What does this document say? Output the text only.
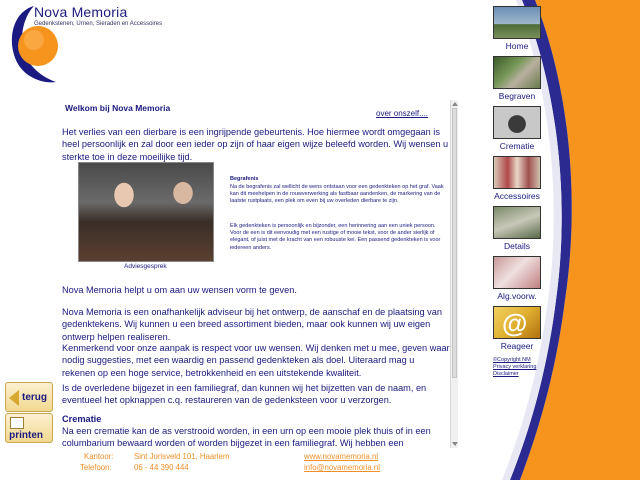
Nova Memoria
Gedenkstenen, Urnen, Sieraden en Accessoires
Home
Begraven
Crematie
Accessoires
Details
Alg.voorw.
@
Reageer
©Copyright NM
Privacy verklaring
Disclaimer
terug
printen
Welkom bij Nova Memoria
over onszelf....

Het verlies van een dierbare is een ingrijpende gebeurtenis. Hoe hiermee wordt omgegaan is heel persoonlijk en zal door een ieder op zijn of haar eigen wijze beleefd worden. Wij wensen u sterkte toe in deze moeilijke tijd.

Adviesgesprek
Begrafenis

Na de begrafenis zal wellicht de wens ontstaan voor een gedenkteken op het graf. Vaak kan dit meehelpen in de rouwverwerking als fastbaar aandenken, de markering van de laatste rustplaats, een plek om even bij uw overleden dierbare te zijn.

Elk gedenkteken is persoonlijk en bijzonder, een herinnering aan een uniek persoon. Voor de een is dit eenvoudig met een rustige of mooie tekst, voor de ander sierlijk of elegant, of juist met de kracht van een robuuste kei. Een passend gedenkteken is voor iedereen anders.

Nova Memoria helpt u om aan uw wensen vorm te geven.

Nova Memoria is een onafhankelijk adviseur bij het ontwerp, de aanschaf en de plaatsing van gedenktekens. Wij kunnen u een breed assortiment bieden, maar ook kunnen wij uw eigen ontwerp helpen realiseren.

Kenmerkend voor onze aanpak is respect voor uw wensen. Wij denken met u mee, geven waar nodig suggesties, met een waardig en passend gedenkteken als doel. Uiteraard mag u rekenen op een hoge service, betrokkenheid en een uitstekende kwaliteit.

Is de overledene bijgezet in een familiegraf, dan kunnen wij het bijzetten van de naam, en eventueel het opknappen c.q. restaureren van de gedenksteen voor u verzorgen.

Crematie

Na een crematie kan de as verstrooid worden, in een urn op een mooie plek thuis of in een columbarium bewaard worden of worden bijgezet in een familiegraf. Wij hebben een

Kantoor:	Sint Jorisveld 101, Haarlem	www.novamemoria.nl
Telefoon:	06 - 44 390 444	info@novamemoria.nl
